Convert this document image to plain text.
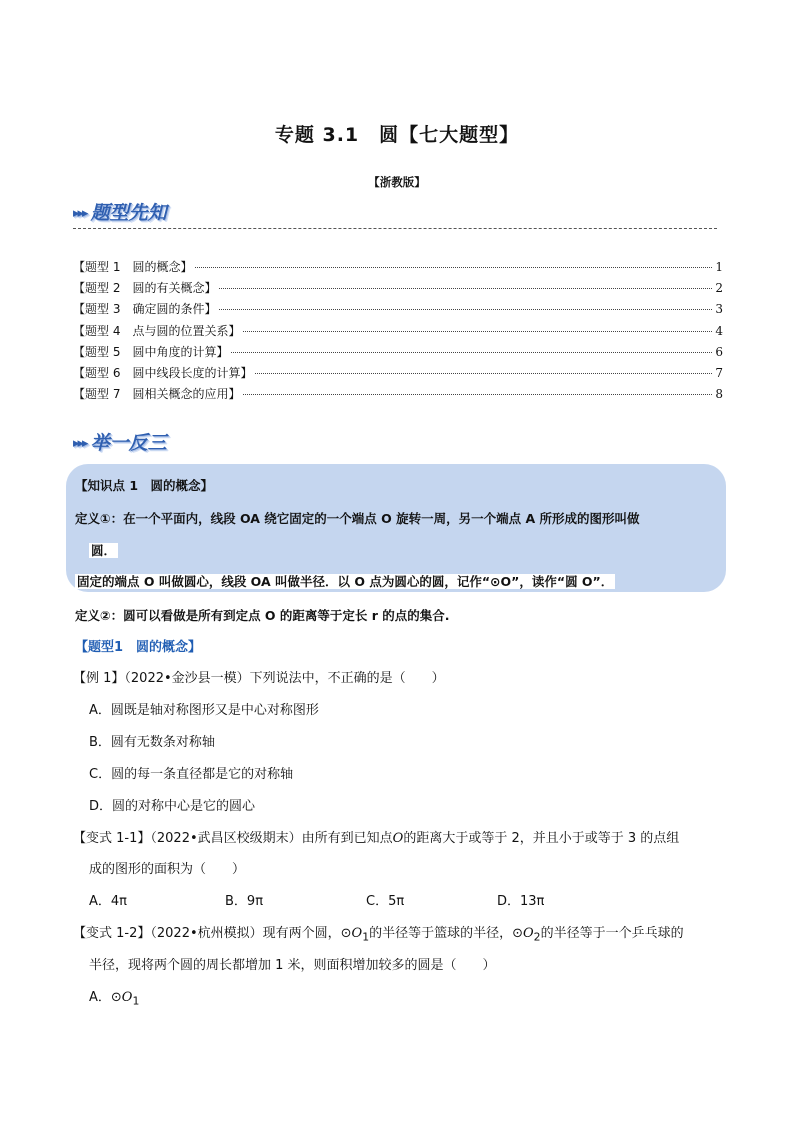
专题 3.1　圆【七大题型】
【浙教版】
▸▸▸ 题型先知
【题型 1　圆的概念】	1
【题型 2　圆的有关概念】	2
【题型 3　确定圆的条件】	3
【题型 4　点与圆的位置关系】	4
【题型 5　圆中角度的计算】	6
【题型 6　圆中线段长度的计算】	7
【题型 7　圆相关概念的应用】	8
▸▸▸ 举一反三
【知识点 1　圆的概念】
定义①：在一个平面内，线段 OA 绕它固定的一个端点 O 旋转一周，另一个端点 A 所形成的图形叫做
圆．
固定的端点 O 叫做圆心，线段 OA 叫做半径．以 O 点为圆心的圆，记作“⊙O”，读作“圆 O”．
定义②：圆可以看做是所有到定点 O 的距离等于定长 r 的点的集合.
【题型1　圆的概念】
【例 1】（2022•金沙县一模）下列说法中，不正确的是（　　）
A．圆既是轴对称图形又是中心对称图形
B．圆有无数条对称轴
C．圆的每一条直径都是它的对称轴
D．圆的对称中心是它的圆心
【变式 1-1】（2022•武昌区校级期末）由所有到已知点O的距离大于或等于 2，并且小于或等于 3 的点组
成的图形的面积为（　　）
A．4π	B．9π	C．5π	D．13π
【变式 1-2】（2022•杭州模拟）现有两个圆，$⊙O_1$的半径等于篮球的半径，$⊙O_2$的半径等于一个乒乓球的
半径，现将两个圆的周长都增加 1 米，则面积增加较多的圆是（　　）
A．$⊙O_1$
